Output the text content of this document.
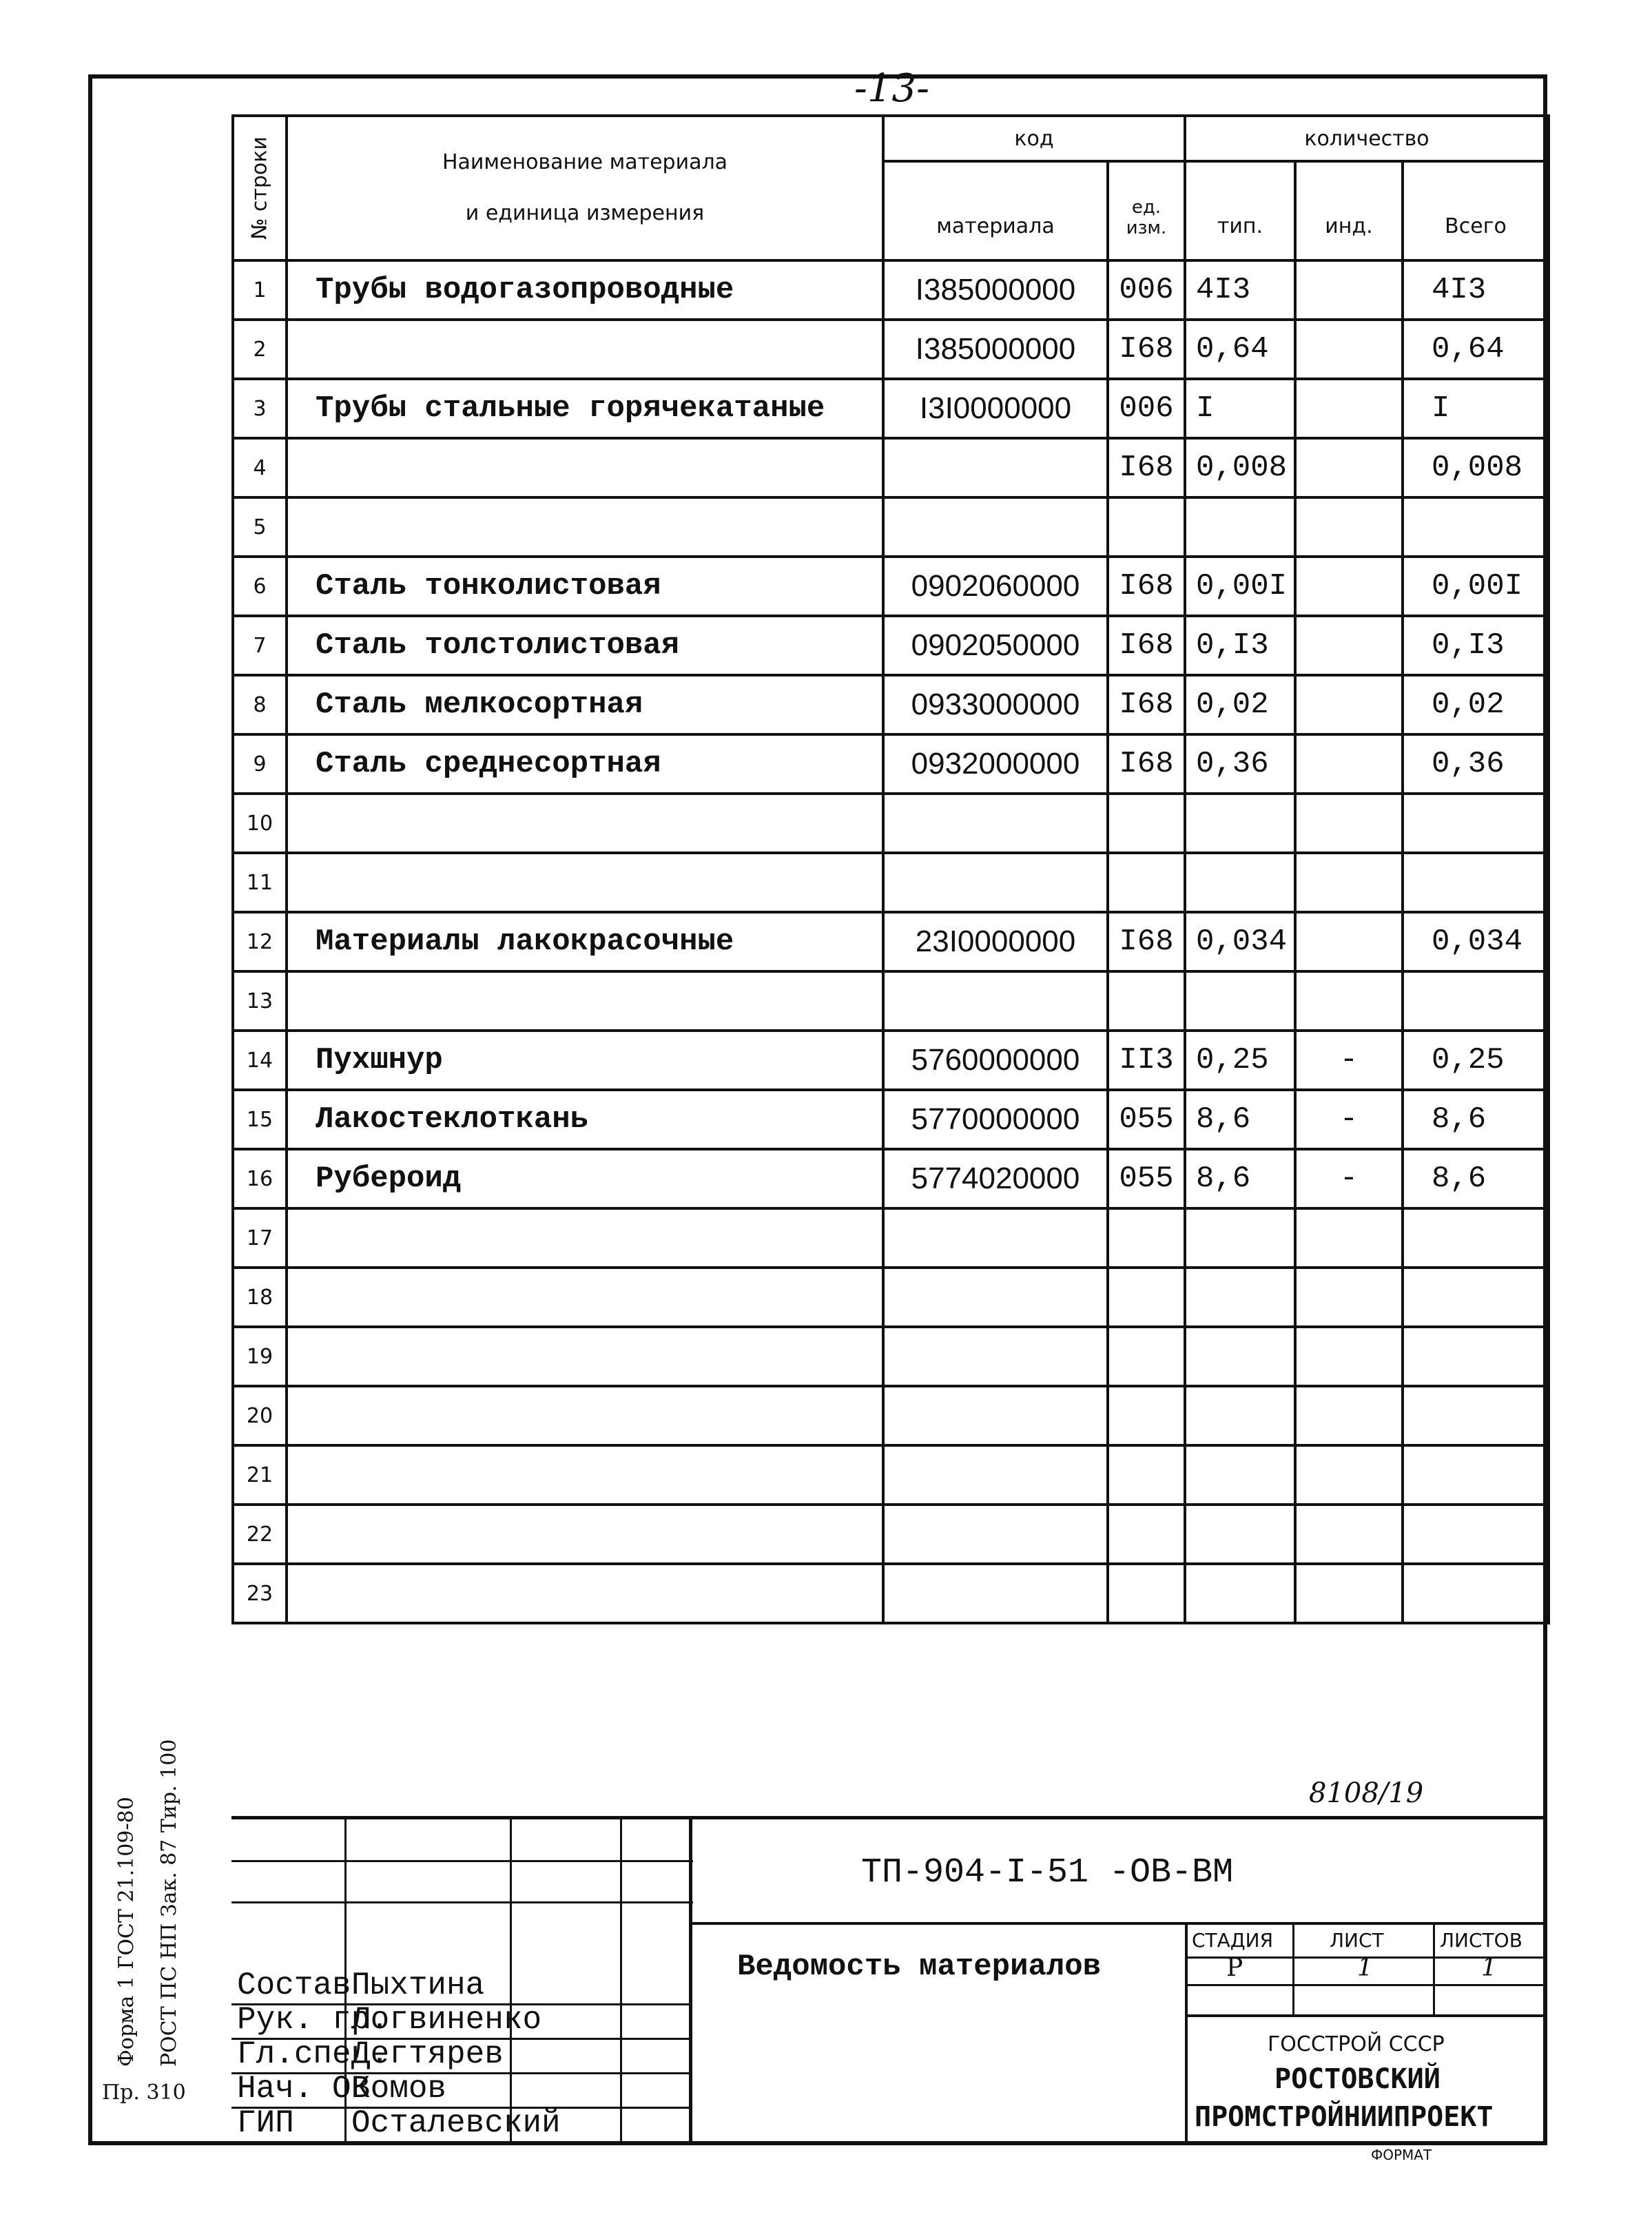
-13-
№ строки	Наименование материала
и единица измерения	код		количество		
		материала	ед. изм.	тип.	инд.	Всего
1	Трубы водогазопроводные	I385000000	006	4I3		4I3
2		I385000000	I68	0,64		0,64
3	Трубы стальные горячекатаные	I3I0000000	006	I		I
4			I68	0,008		0,008
5						
6	Сталь тонколистовая	0902060000	I68	0,00I		0,00I
7	Сталь толстолистовая	0902050000	I68	0,I3		0,I3
8	Сталь мелкосортная	0933000000	I68	0,02		0,02
9	Сталь среднесортная	0932000000	I68	0,36		0,36
10						
11						
12	Материалы лакокрасочные	23I0000000	I68	0,034		0,034
13						
14	Пухшнур	5760000000	II3	0,25	-	0,25
15	Лакостеклоткань	5770000000	055	8,6	-	8,6
16	Рубероид	5774020000	055	8,6	-	8,6
17						
18						
19						
20						
21						
22						
23						
Форма 1 ГОСТ 21.109-80 РОСТ ПС НП Зак. 87 Тир. 100
Пр. 310
8108/19
ТП-904-I-51 -ОВ-ВМ
Ведомость материалов
СТАДИЯ	ЛИСТ	ЛИСТОВ
Р	1	1
ГОССТРОЙ СССР
РОСТОВСКИЙ
ПРОМСТРОЙНИИПРОЕКТ
ФОРМАТ
Состав Пыхтина
Рук. гр.
Логвиненко
Гл.спец.
Дегтярев
Нач. ОВ
Комов
ГИП Осталевский
